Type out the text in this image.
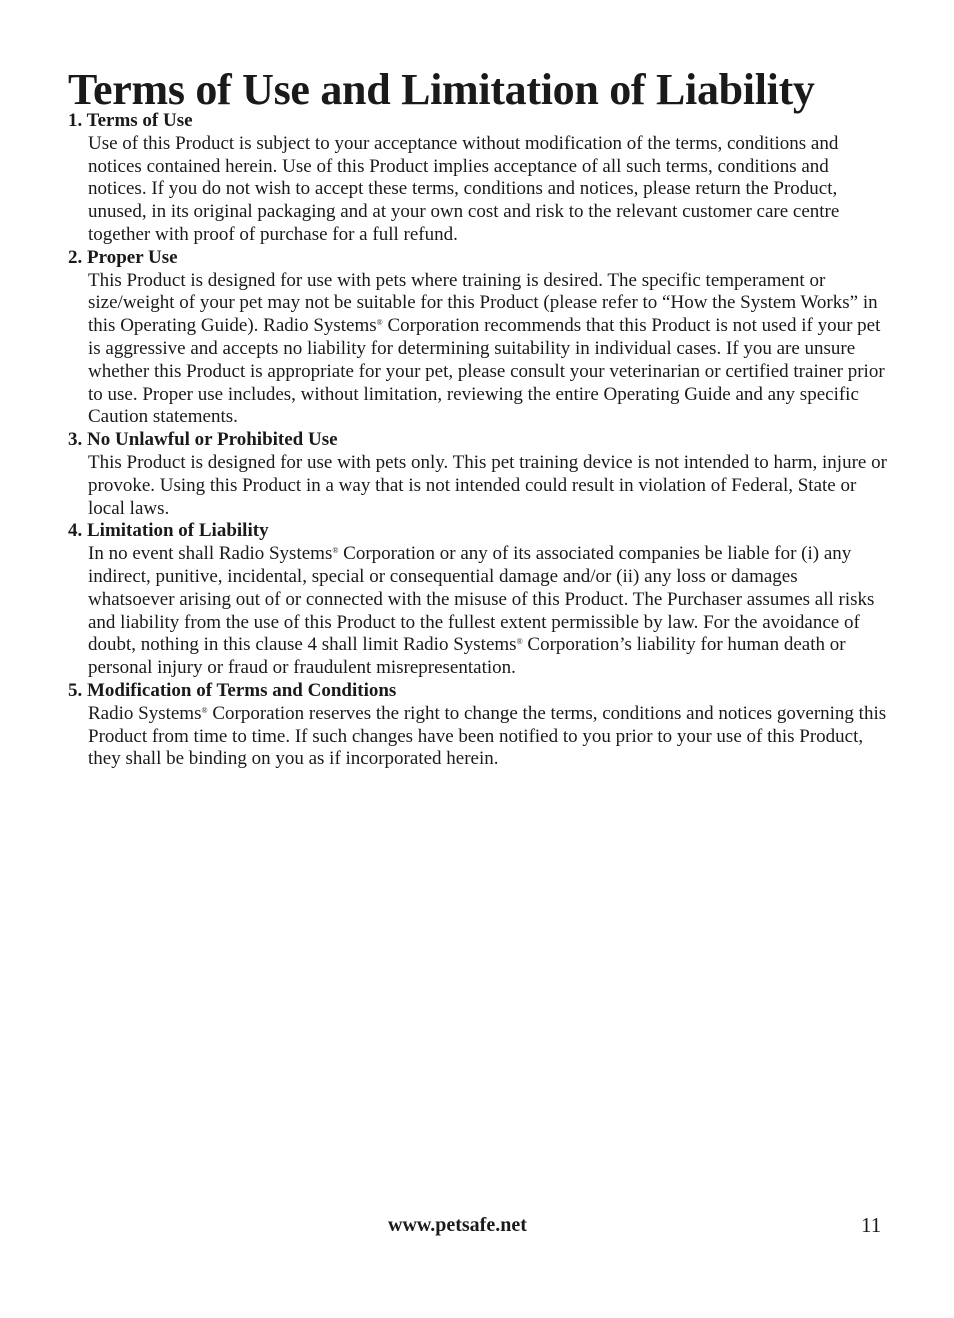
Terms of Use and Limitation of Liability

1. Terms of Use

Use of this Product is subject to your acceptance without modification of the terms, conditions and notices contained herein. Use of this Product implies acceptance of all such terms, conditions and notices. If you do not wish to accept these terms, conditions and notices, please return the Product, unused, in its original packaging and at your own cost and risk to the relevant customer care centre together with proof of purchase for a full refund.

2. Proper Use

This Product is designed for use with pets where training is desired. The specific temperament or size/weight of your pet may not be suitable for this Product (please refer to “How the System Works” in this Operating Guide). Radio Systems® Corporation recommends that this Product is not used if your pet is aggressive and accepts no liability for determining suitability in individual cases. If you are unsure whether this Product is appropriate for your pet, please consult your veterinarian or certified trainer prior to use. Proper use includes, without limitation, reviewing the entire Operating Guide and any specific Caution statements.

3. No Unlawful or Prohibited Use

This Product is designed for use with pets only. This pet training device is not intended to harm, injure or provoke. Using this Product in a way that is not intended could result in violation of Federal, State or local laws.

4. Limitation of Liability

In no event shall Radio Systems® Corporation or any of its associated companies be liable for (i) any indirect, punitive, incidental, special or consequential damage and/or (ii) any loss or damages whatsoever arising out of or connected with the misuse of this Product. The Purchaser assumes all risks and liability from the use of this Product to the fullest extent permissible by law. For the avoidance of doubt, nothing in this clause 4 shall limit Radio Systems® Corporation’s liability for human death or personal injury or fraud or fraudulent misrepresentation.

5. Modification of Terms and Conditions

Radio Systems® Corporation reserves the right to change the terms, conditions and notices governing this Product from time to time. If such changes have been notified to you prior to your use of this Product, they shall be binding on you as if incorporated herein.

www.petsafe.net	11
